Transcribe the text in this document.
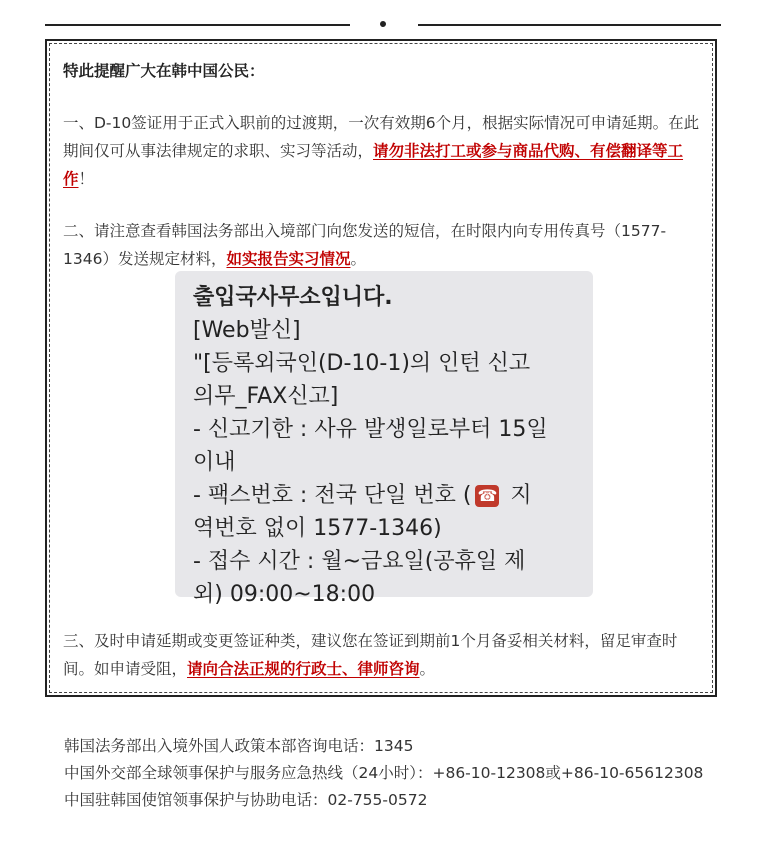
特此提醒广大在韩中国公民：
一、D-10签证用于正式入职前的过渡期，一次有效期6个月，根据实际情况可申请延期。在此期间仅可从事法律规定的求职、实习等活动，请勿非法打工或参与商品代购、有偿翻译等工作！
二、请注意查看韩国法务部出入境部门向您发送的短信，在时限内向专用传真号（1577-1346）发送规定材料，如实报告实习情况。
출입국사무소입니다.
[Web발신]
"[등록외국인(D-10-1)의 인턴 신고
의무_FAX신고]
- 신고기한 : 사유 발생일로부터 15일
이내
- 팩스번호 : 전국 단일 번호 ( ☎ 지
역번호 없이 1577-1346)
- 접수 시간 : 월~금요일(공휴일 제
외) 09:00~18:00
三、及时申请延期或变更签证种类，建议您在签证到期前1个月备妥相关材料，留足审查时间。如申请受阻，请向合法正规的行政士、律师咨询。
韩国法务部出入境外国人政策本部咨询电话：1345
中国外交部全球领事保护与服务应急热线（24小时）：+86-10-12308或+86-10-65612308
中国驻韩国使馆领事保护与协助电话：02-755-0572
